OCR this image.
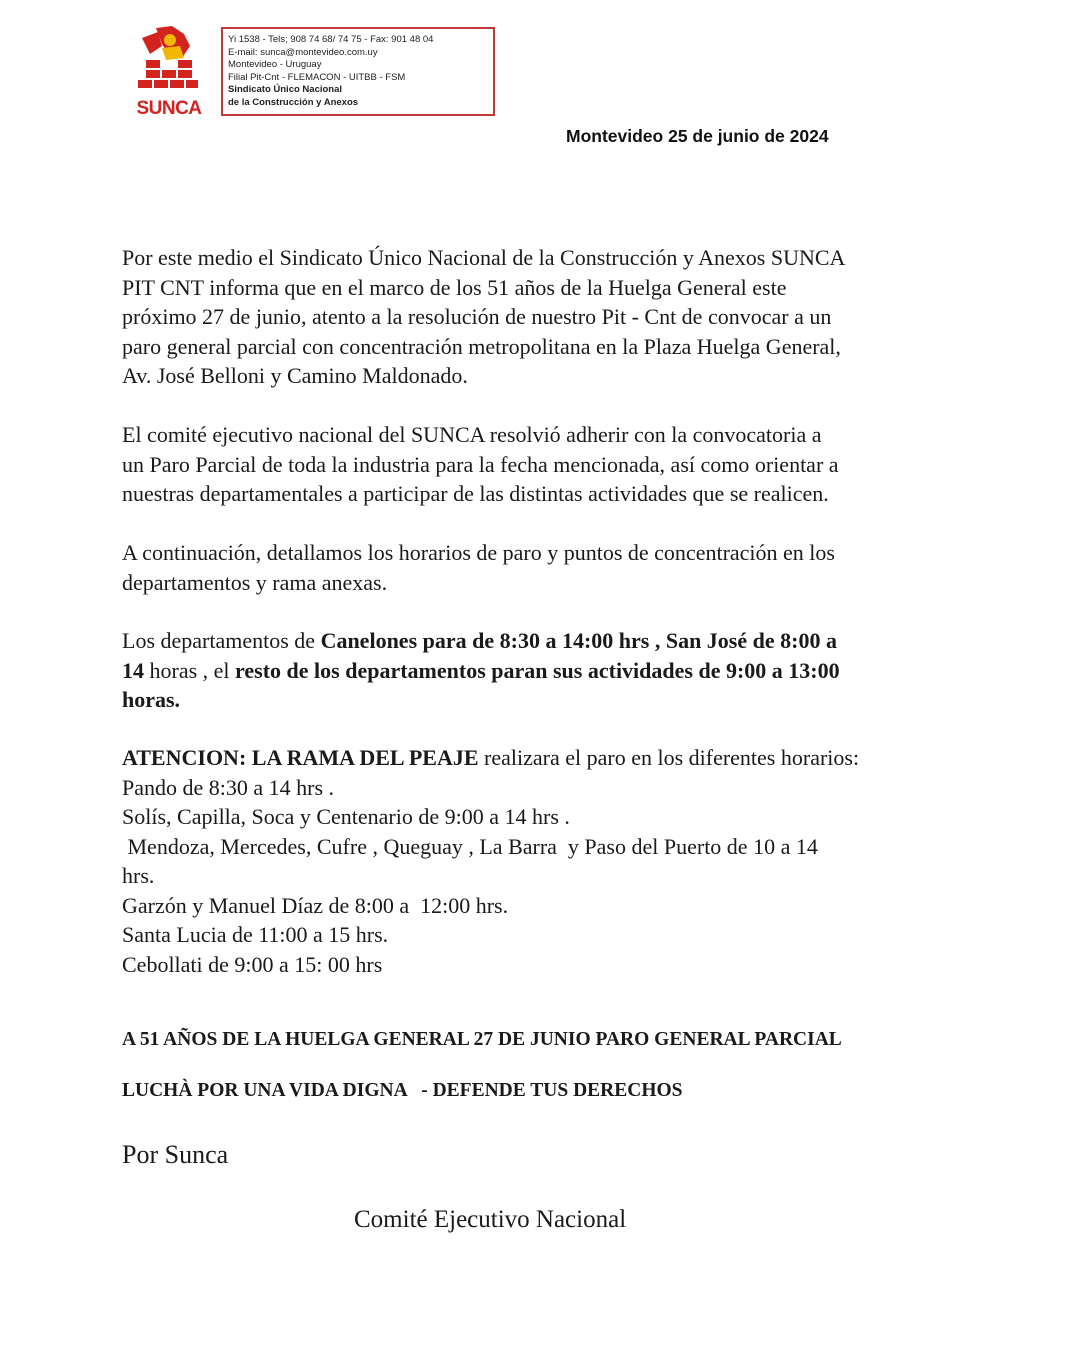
SUNCA
Yi 1538 - Tels; 908 74 68/ 74 75 - Fax: 901 48 04
E-mail: sunca@montevideo.com.uy
Montevideo - Uruguay
Filial Pit-Cnt - FLEMACON - UITBB - FSM
Sindicato Único Nacional
de la Construcción y Anexos
Montevideo 25 de junio de 2024

Por este medio el Sindicato Único Nacional de la Construcción y Anexos SUNCA
PIT CNT informa que en el marco de los 51 años de la Huelga General este
próximo 27 de junio, atento a la resolución de nuestro Pit - Cnt de convocar a un
paro general parcial con concentración metropolitana en la Plaza Huelga General,
Av. José Belloni y Camino Maldonado.

El comité ejecutivo nacional del SUNCA resolvió adherir con la convocatoria a
un Paro Parcial de toda la industria para la fecha mencionada, así como orientar a
nuestras departamentales a participar de las distintas actividades que se realicen.

A continuación, detallamos los horarios de paro y puntos de concentración en los
departamentos y rama anexas.

Los departamentos de Canelones para de 8:30 a 14:00 hrs , San José de 8:00 a
14 horas , el resto de los departamentos paran sus actividades de 9:00 a 13:00
horas.

ATENCION: LA RAMA DEL PEAJE realizara el paro en los diferentes horarios:
Pando de 8:30 a 14 hrs .
Solís, Capilla, Soca y Centenario de 9:00 a 14 hrs .
Mendoza, Mercedes, Cufre , Queguay , La Barra  y Paso del Puerto de 10 a 14
hrs.
Garzón y Manuel Díaz de 8:00 a  12:00 hrs.
Santa Lucia de 11:00 a 15 hrs.
Cebollati de 9:00 a 15: 00 hrs
A 51 AÑOS DE LA HUELGA GENERAL 27 DE JUNIO PARO GENERAL PARCIAL
LUCHÀ POR UNA VIDA DIGNA   - DEFENDE TUS DERECHOS
Por Sunca
Comité Ejecutivo Nacional
